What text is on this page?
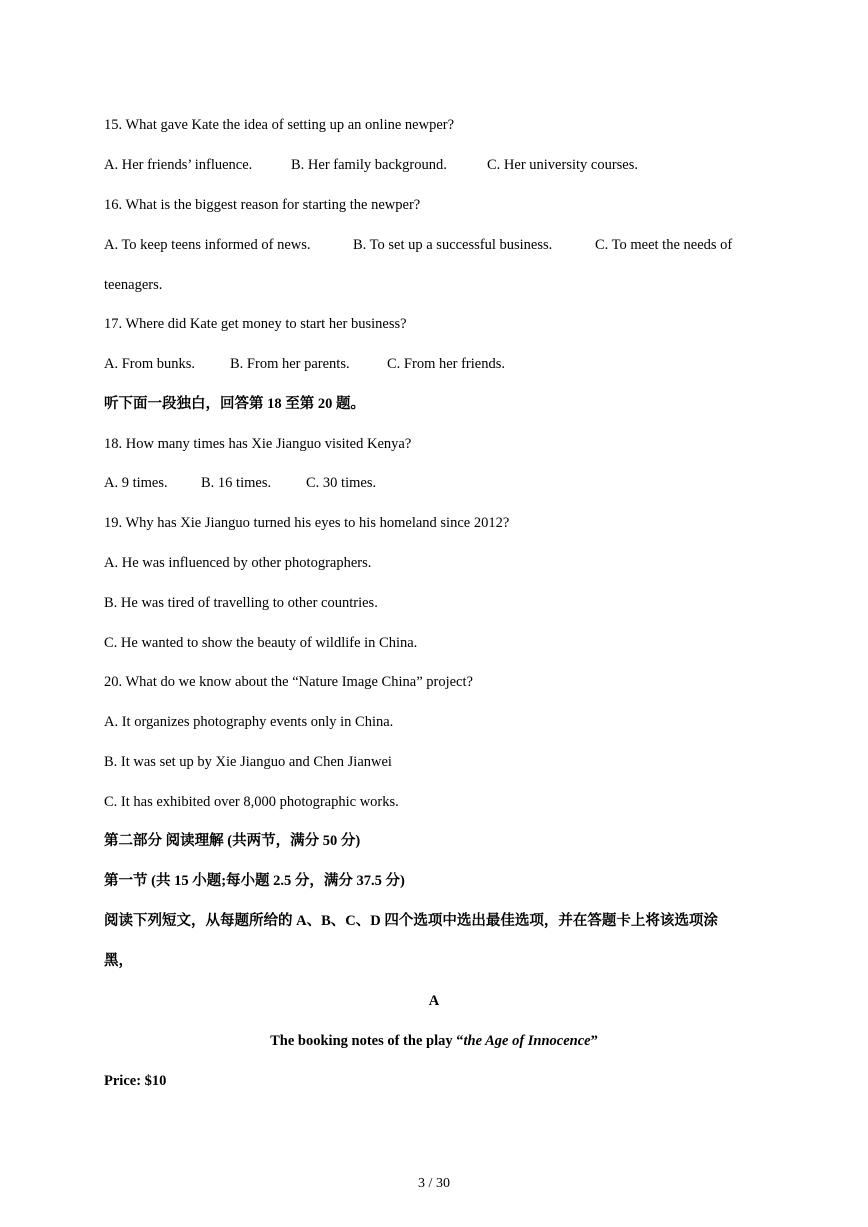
15. What gave Kate the idea of setting up an online newper?
A. Her friends’ influence.	B. Her family background.	C. Her university courses.
16. What is the biggest reason for starting the newper?
A. To keep teens informed of news.	B. To set up a successful business.	C. To meet the needs of
teenagers.
17. Where did Kate get money to start her business?
A. From bunks. B. From her parents.	C. From her friends.
听下面一段独白，回答第 18 至第 20 题。
18. How many times has Xie Jianguo visited Kenya?
A. 9 times. B. 16 times. C. 30 times.
19. Why has Xie Jianguo turned his eyes to his homeland since 2012?
A. He was influenced by other photographers.
B. He was tired of travelling to other countries.
C. He wanted to show the beauty of wildlife in China.
20. What do we know about the “Nature Image China” project?
A. It organizes photography events only in China.
B. It was set up by Xie Jianguo and Chen Jianwei
C. It has exhibited over 8,000 photographic works.
第二部分 阅读理解 (共两节，满分 50 分)
第一节 (共 15 小题;每小题 2.5 分，满分 37.5 分)
阅读下列短文，从每题所给的 A、B、C、D 四个选项中选出最佳选项，并在答题卡上将该选项涂
黑，
A
The booking notes of the play “the Age of Innocence”
Price: $10
3 / 30
